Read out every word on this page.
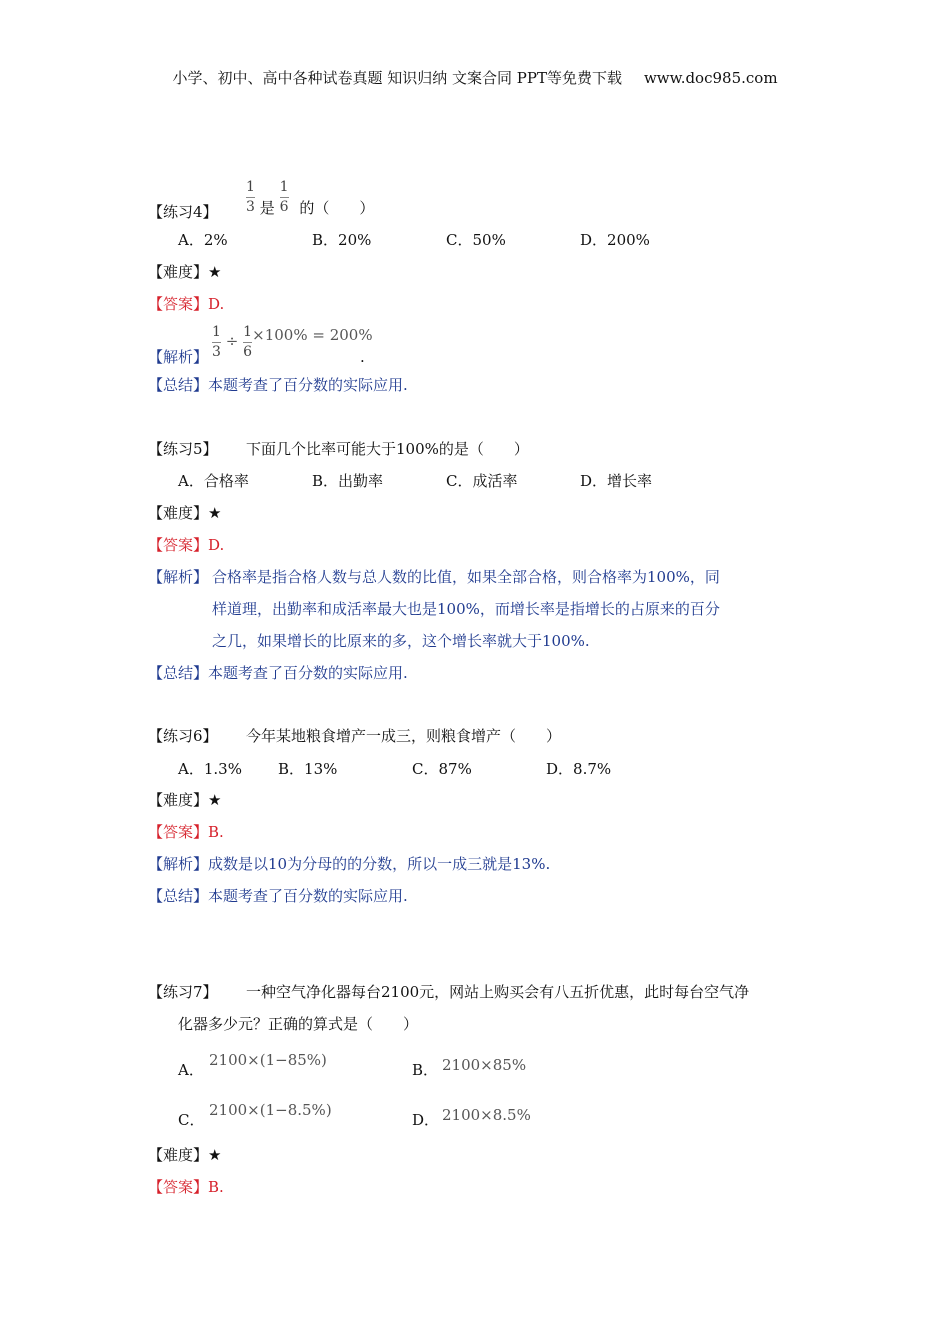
小学、初中、高中各种试卷真题 知识归纳 文案合同 PPT等免费下载 www.doc985.com
【练习4】 $\frac{1}{3}$ 是 $\frac{1}{6}$ 的（　　）
A．2%	B．20%	C．50%	D．200%
【难度】★
【答案】D.
【解析】 $\frac{1}{3} \div \frac{1}{6} \times 100\% = 200\%$
.
【总结】本题考查了百分数的实际应用.
【练习5】 下面几个比率可能大于100%的是（　　）
A．合格率	B．出勤率	C．成活率	D．增长率
【难度】★
【答案】D.
【解析】 合格率是指合格人数与总人数的比值，如果全部合格，则合格率为100%，同
样道理，出勤率和成活率最大也是100%，而增长率是指增长的占原来的百分
之几，如果增长的比原来的多，这个增长率就大于100%.
【总结】本题考查了百分数的实际应用.
【练习6】 今年某地粮食增产一成三，则粮食增产（　　）
A．1.3% B．13%	C．87%	D．8.7%
【难度】★
【答案】B.
【解析】成数是以10为分母的的分数，所以一成三就是13%.
【总结】本题考查了百分数的实际应用.
【练习7】 一种空气净化器每台2100元，网站上购买会有八五折优惠，此时每台空气净
化器多少元？正确的算式是（　　）
A．
2100×(1−85%)
B． 2100×85%
C．
2100×(1−8.5%)
D． 2100×8.5%
【难度】★
【答案】B.
